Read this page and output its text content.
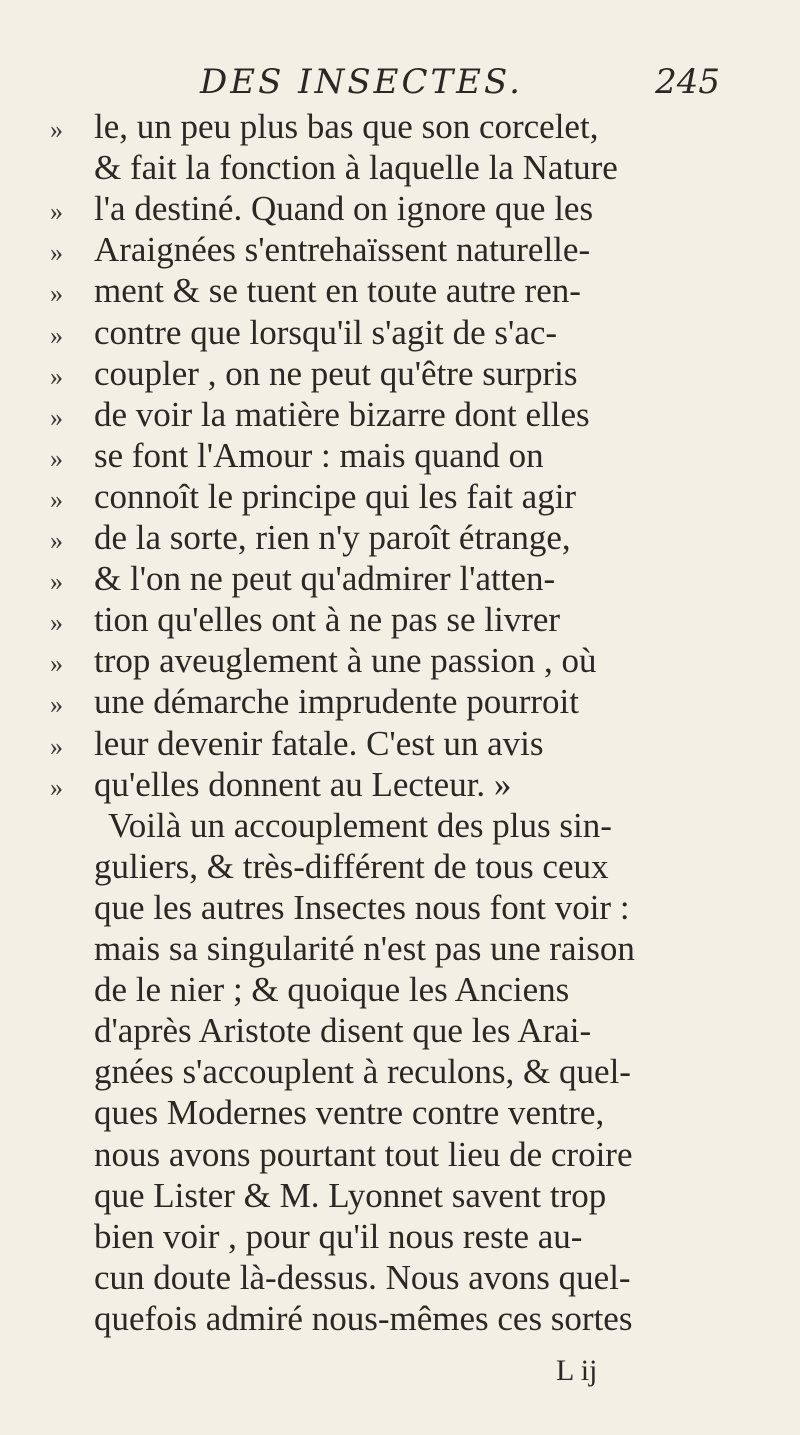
DES INSECTES.	245
» le, un peu plus bas que son corcelet,
& fait la fonction à laquelle la Nature
» l'a destiné. Quand on ignore que les
» Araignées s'entrehaïssent naturelle-
» ment & se tuent en toute autre ren-
» contre que lorsqu'il s'agit de s'ac-
» coupler , on ne peut qu'être surpris
» de voir la matière bizarre dont elles
» se font l'Amour : mais quand on
» connoît le principe qui les fait agir
» de la sorte, rien n'y paroît étrange,
» & l'on ne peut qu'admirer l'atten-
» tion qu'elles ont à ne pas se livrer
» trop aveuglement à une passion , où
» une démarche imprudente pourroit
» leur devenir fatale. C'est un avis
» qu'elles donnent au Lecteur. »
Voilà un accouplement des plus sin-
guliers, & très-différent de tous ceux
que les autres Insectes nous font voir :
mais sa singularité n'est pas une raison
de le nier ; & quoique les Anciens
d'après Aristote disent que les Arai-
gnées s'accouplent à reculons, & quel-
ques Modernes ventre contre ventre,
nous avons pourtant tout lieu de croire
que Lister & M. Lyonnet savent trop
bien voir , pour qu'il nous reste au-
cun doute là-dessus. Nous avons quel-
quefois admiré nous-mêmes ces sortes
L ij
